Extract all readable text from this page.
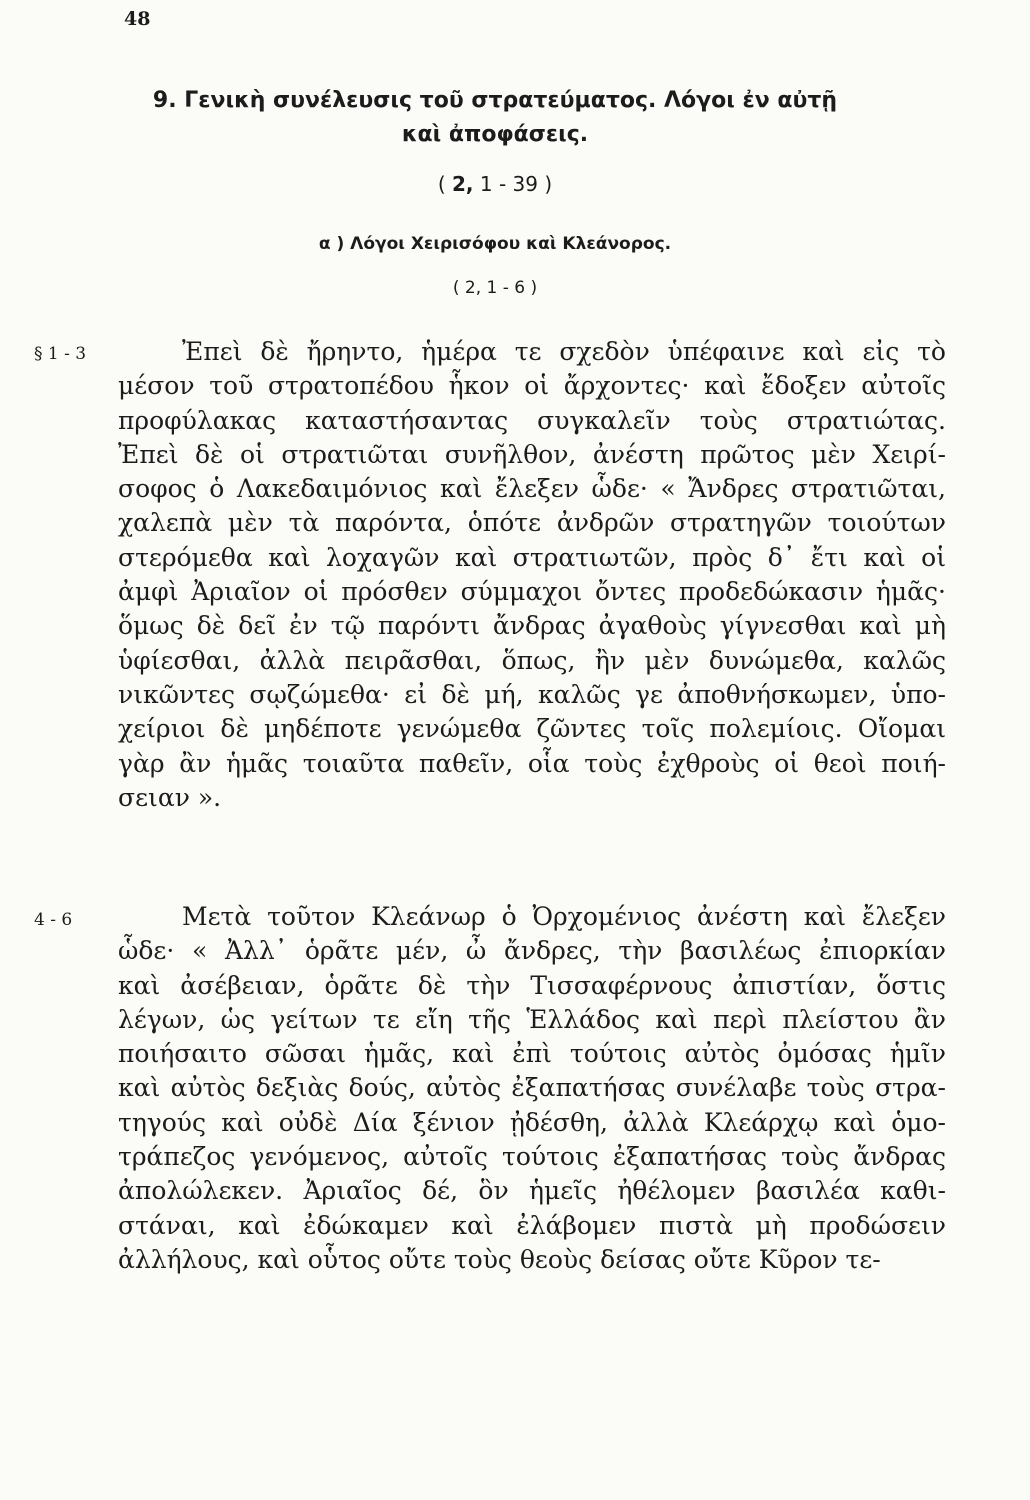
48
9. Γενικὴ συνέλευσις τοῦ στρατεύματος. Λόγοι ἐν αὐτῇ
καὶ ἀποφάσεις.
( 2, 1 - 39 )
α ) Λόγοι Χειρισόφου καὶ Κλεάνορος.
( 2, 1 - 6 )
§ 1 - 3
4 - 6
Ἐπεὶ δὲ ἤρηντο, ἡμέρα τε σχεδὸν ὑπέφαινε καὶ εἰς τὸ
μέσον τοῦ στρατοπέδου ἧκον οἱ ἄρχοντες· καὶ ἔδοξεν αὐτοῖς
προφύλακας καταστήσαντας συγκαλεῖν τοὺς στρατιώτας.
Ἐπεὶ δὲ οἱ στρατιῶται συνῆλθον, ἀνέστη πρῶτος μὲν Χειρί-
σοφος ὁ Λακεδαιμόνιος καὶ ἔλεξεν ὧδε· « Ἄνδρες στρατιῶται,
χαλεπὰ μὲν τὰ παρόντα, ὁπότε ἀνδρῶν στρατηγῶν τοιούτων
στερόμεθα καὶ λοχαγῶν καὶ στρατιωτῶν, πρὸς δ᾽ ἔτι καὶ οἱ
ἀμφὶ Ἀριαῖον οἱ πρόσθεν σύμμαχοι ὄντες προδεδώκασιν ἡμᾶς·
ὅμως δὲ δεῖ ἐν τῷ παρόντι ἄνδρας ἀγαθοὺς γίγνεσθαι καὶ μὴ
ὑφίεσθαι, ἀλλὰ πειρᾶσθαι, ὅπως, ἢν μὲν δυνώμεθα, καλῶς
νικῶντες σῳζώμεθα· εἰ δὲ μή, καλῶς γε ἀποθνήσκωμεν, ὑπο-
χείριοι δὲ μηδέποτε γενώμεθα ζῶντες τοῖς πολεμίοις. Οἴομαι
γὰρ ἂν ἡμᾶς τοιαῦτα παθεῖν, οἷα τοὺς ἐχθροὺς οἱ θεοὶ ποιή-
σειαν ».
Μετὰ τοῦτον Κλεάνωρ ὁ Ὀρχομένιος ἀνέστη καὶ ἔλεξεν
ὧδε· « Ἀλλ᾽ ὁρᾶτε μέν, ὦ ἄνδρες, τὴν βασιλέως ἐπιορκίαν
καὶ ἀσέβειαν, ὁρᾶτε δὲ τὴν Τισσαφέρνους ἀπιστίαν, ὅστις
λέγων, ὡς γείτων τε εἴη τῆς Ἑλλάδος καὶ περὶ πλείστου ἂν
ποιήσαιτο σῶσαι ἡμᾶς, καὶ ἐπὶ τούτοις αὐτὸς ὀμόσας ἡμῖν
καὶ αὐτὸς δεξιὰς δούς, αὐτὸς ἐξαπατήσας συνέλαβε τοὺς στρα-
τηγούς καὶ οὐδὲ Δία ξένιον ᾐδέσθη, ἀλλὰ Κλεάρχῳ καὶ ὁμο-
τράπεζος γενόμενος, αὐτοῖς τούτοις ἐξαπατήσας τοὺς ἄνδρας
ἀπολώλεκεν. Ἀριαῖος δέ, ὃν ἡμεῖς ἠθέλομεν βασιλέα καθι-
στάναι, καὶ ἐδώκαμεν καὶ ἐλάβομεν πιστὰ μὴ προδώσειν
ἀλλήλους, καὶ οὗτος οὔτε τοὺς θεοὺς δείσας οὔτε Κῦρον τε-
